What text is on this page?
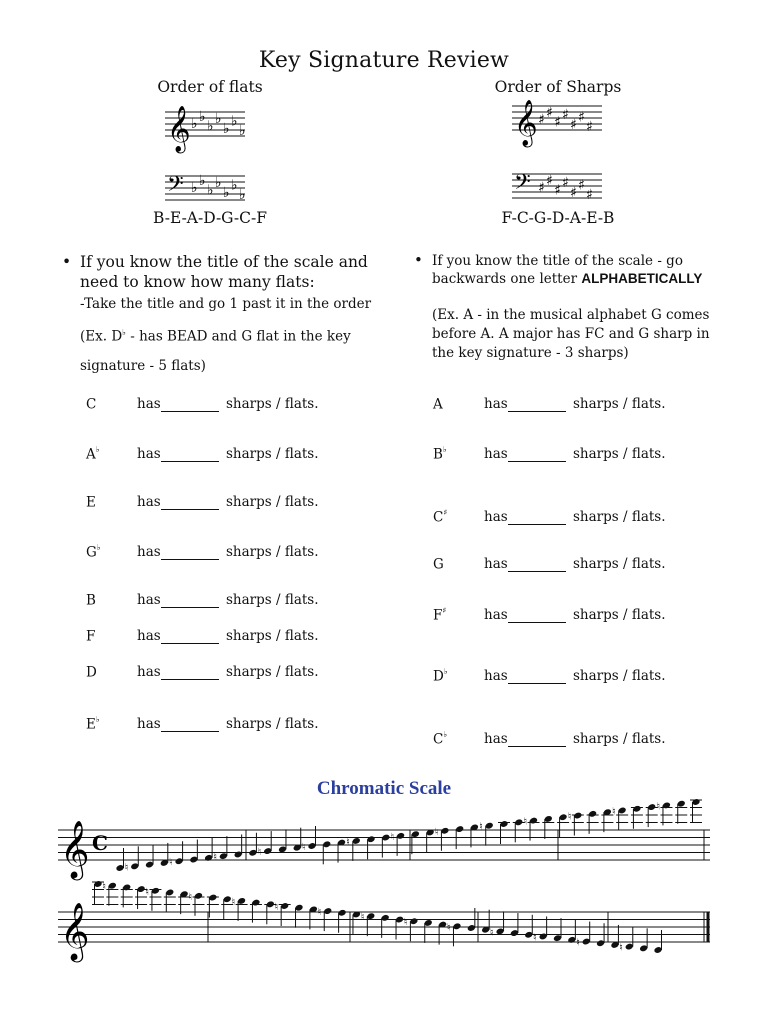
Key Signature Review
Order of flats	Order of Sharps
𝄞 ♭ ♭
♭ ♭
♭ ♭
♭
𝄢 ♭ ♭
♭ ♭
♭ ♭
♭
𝄞 ♯ ♯
♯ ♯
♯ ♯
♯
𝄢 ♯ ♯
♯ ♯
♯ ♯
♯
B-E-A-D-G-C-F	F-C-G-D-A-E-B
• If you know the title of the scale and need to know how many flats:
-Take the title and go 1 past it in the order
(Ex. D♭ - has BEAD and G flat in the key
signature - 5 flats)
• If you know the title of the scale - go backwards one letter ALPHABETICALLY
(Ex. A - in the musical alphabet G comes before A. A major has FC and G sharp in the key signature - 3 sharps)
C	has	sharps / flats.
A♭	has	sharps / flats.
E	has	sharps / flats.
G♭	has	sharps / flats.
B	has	sharps / flats.
F	has	sharps / flats.
D	has	sharps / flats.
E♭	has	sharps / flats.
A	has	sharps / flats.
B♭	has	sharps / flats.
C♯	has	sharps / flats.
G	has	sharps / flats.
F♯	has	sharps / flats.
D♭	has	sharps / flats.
C♭	has	sharps / flats.
Chromatic Scale
𝄞 C
♮	♮	♮	♮	♮	♮	♮	♮	♮	♮	♮	♮	♮
𝄞
♮	♮	♮	♮	♮	♮	♮	♮	♮	♮	♮	♮	♮
